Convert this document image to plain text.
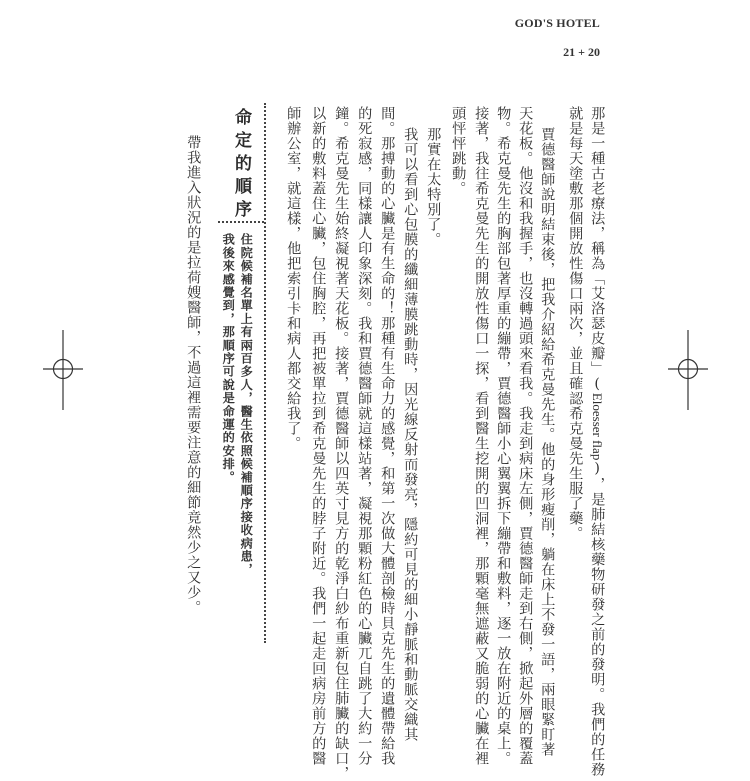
GOD'S HOTEL
21 + 20
那是一種古老療法，稱為「艾洛瑟皮瓣」(Eloesser flap)，是肺結核藥物研發之前的發明。我們的任務
就是每天塗敷那個開放性傷口兩次，並且確認希克曼先生服了藥。
賈德醫師說明結束後，把我介紹給希克曼先生。他的身形瘦削，躺在床上不發一語，兩眼緊盯著
天花板。他沒和我握手，也沒轉過頭來看我。我走到病床左側，賈德醫師走到右側，掀起外層的覆蓋
物。希克曼先生的胸部包著厚重的繃帶，賈德醫師小心翼翼拆下繃帶和敷料，逐一放在附近的桌上。
接著，我往希克曼先生的開放性傷口一探，看到醫生挖開的凹洞裡，那顆毫無遮蔽又脆弱的心臟在裡
頭怦怦跳動。
那實在太特別了。
我可以看到心包膜的纖細薄膜跳動時，因光線反射而發亮，隱約可見的細小靜脈和動脈交織其
間。那搏動的心臟是有生命的！那種有生命力的感覺，和第一次做大體剖檢時貝克先生的遺體帶給我
的死寂感，同樣讓人印象深刻。我和賈德醫師就這樣站著，凝視那顆粉紅色的心臟兀自跳了大約一分
鐘。希克曼先生始終凝視著天花板。接著，賈德醫師以四英寸見方的乾淨白紗布重新包住肺臟的缺口，
以新的敷料蓋住心臟，包住胸腔，再把被單拉到希克曼先生的脖子附近。我們一起走回病房前方的醫
師辦公室，就這樣，他把索引卡和病人都交給我了。
命定的順序
住院候補名單上有兩百多人，醫生依照候補順序接收病患，
我後來感覺到，那順序可說是命運的安排。
帶我進入狀況的是拉荷嫂醫師，不過這裡需要注意的細節竟然少之又少。
